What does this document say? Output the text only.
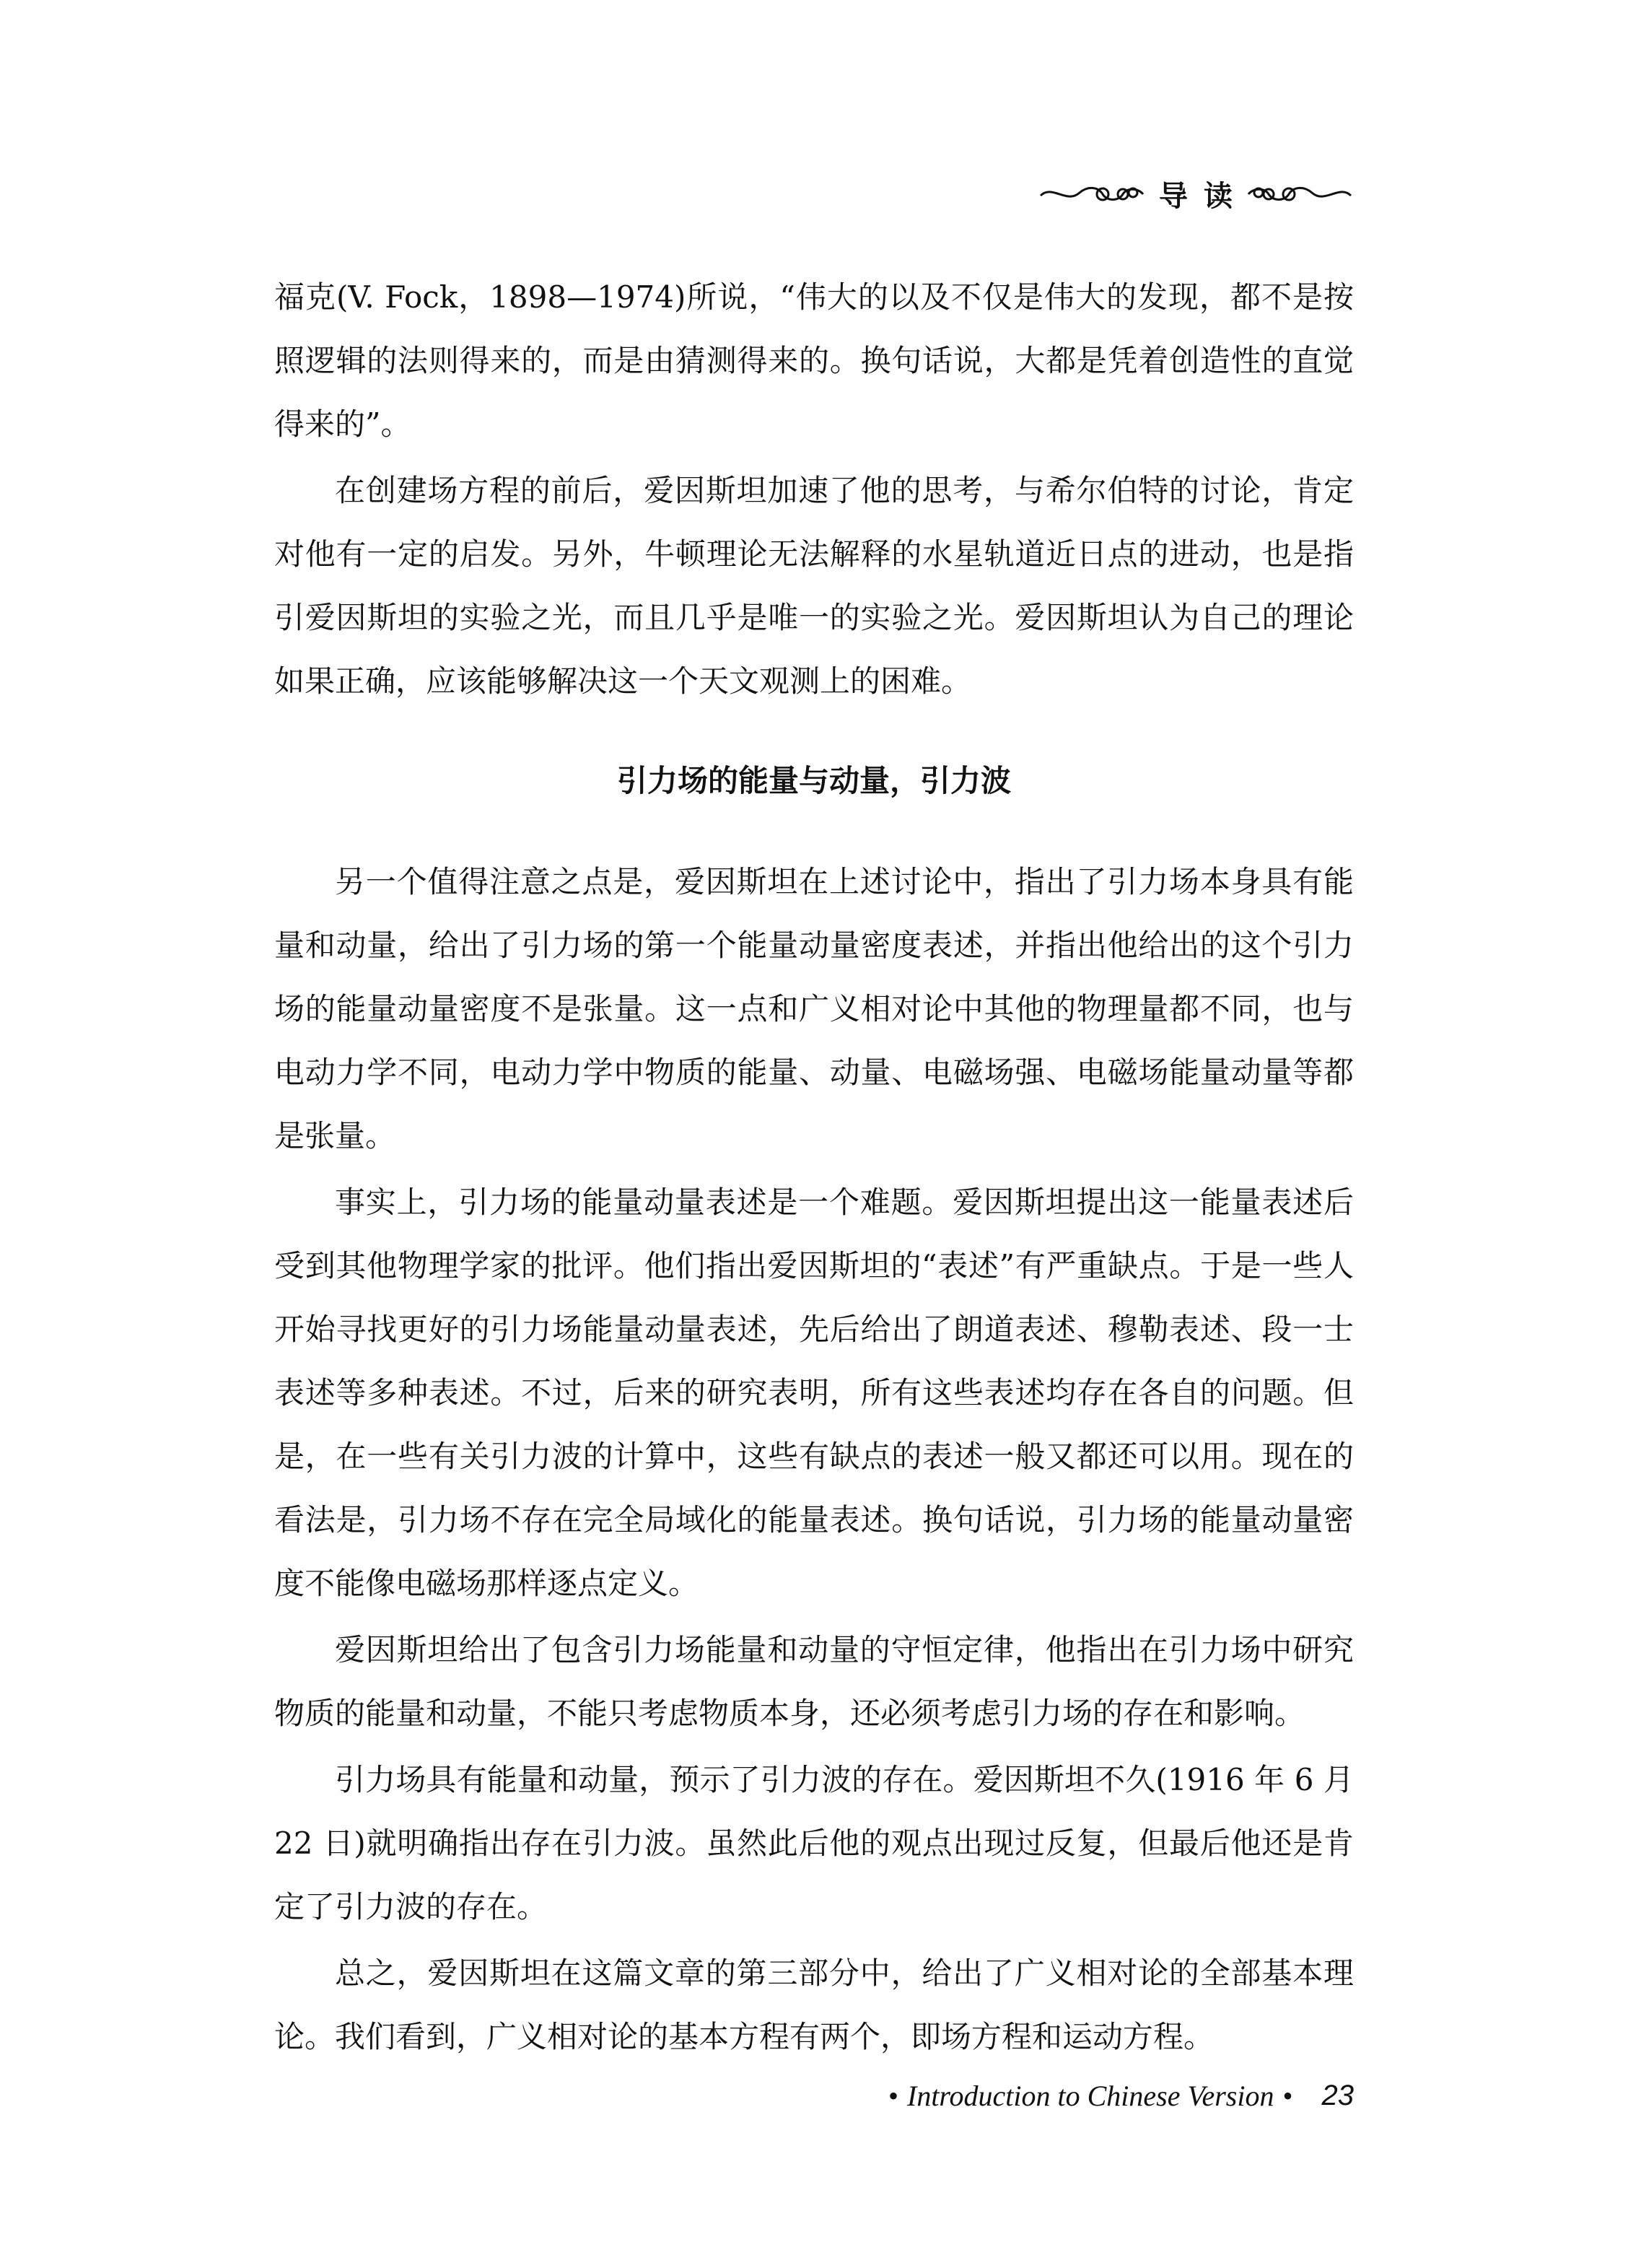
导读

福克(V. Fock，1898—1974)所说，“伟大的以及不仅是伟大的发现，都不是按照逻辑的法则得来的，而是由猜测得来的。换句话说，大都是凭着创造性的直觉得来的”。

在创建场方程的前后，爱因斯坦加速了他的思考，与希尔伯特的讨论，肯定对他有一定的启发。另外，牛顿理论无法解释的水星轨道近日点的进动，也是指引爱因斯坦的实验之光，而且几乎是唯一的实验之光。爱因斯坦认为自己的理论如果正确，应该能够解决这一个天文观测上的困难。

引力场的能量与动量，引力波

另一个值得注意之点是，爱因斯坦在上述讨论中，指出了引力场本身具有能量和动量，给出了引力场的第一个能量动量密度表述，并指出他给出的这个引力场的能量动量密度不是张量。这一点和广义相对论中其他的物理量都不同，也与电动力学不同，电动力学中物质的能量、动量、电磁场强、电磁场能量动量等都是张量。

事实上，引力场的能量动量表述是一个难题。爱因斯坦提出这一能量表述后受到其他物理学家的批评。他们指出爱因斯坦的“表述”有严重缺点。于是一些人开始寻找更好的引力场能量动量表述，先后给出了朗道表述、穆勒表述、段一士表述等多种表述。不过，后来的研究表明，所有这些表述均存在各自的问题。但是，在一些有关引力波的计算中，这些有缺点的表述一般又都还可以用。现在的看法是，引力场不存在完全局域化的能量表述。换句话说，引力场的能量动量密度不能像电磁场那样逐点定义。

爱因斯坦给出了包含引力场能量和动量的守恒定律，他指出在引力场中研究物质的能量和动量，不能只考虑物质本身，还必须考虑引力场的存在和影响。

引力场具有能量和动量，预示了引力波的存在。爱因斯坦不久(1916 年 6 月 22 日)就明确指出存在引力波。虽然此后他的观点出现过反复，但最后他还是肯定了引力波的存在。

总之，爱因斯坦在这篇文章的第三部分中，给出了广义相对论的全部基本理论。我们看到，广义相对论的基本方程有两个，即场方程和运动方程。

• Introduction to Chinese Version • 23
